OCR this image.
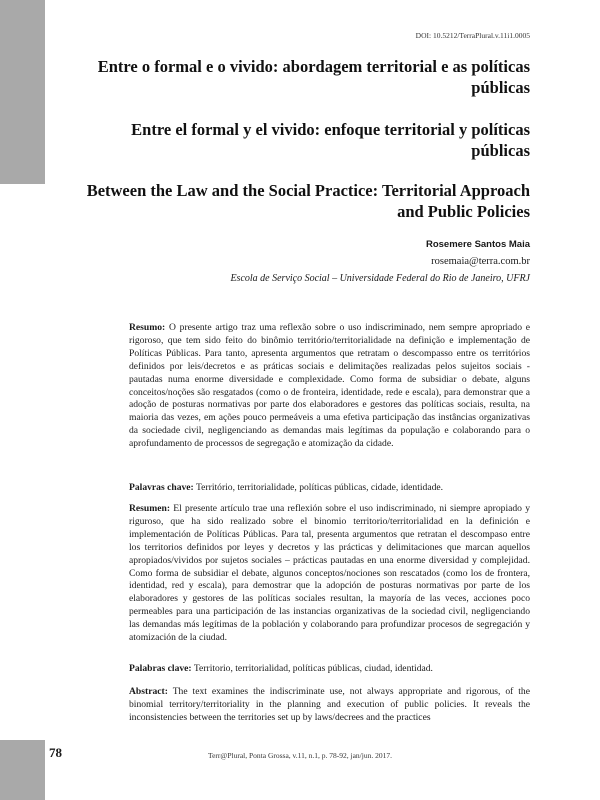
DOI: 10.5212/TerraPlural.v.11i1.0005
Entre o formal e o vivido: abordagem territorial e as políticas públicas
Entre el formal y el vivido: enfoque territorial y políticas públicas
Between the Law and the Social Practice: Territorial Approach and Public Policies
Rosemere Santos Maia
rosemaia@terra.com.br
Escola de Serviço Social – Universidade Federal do Rio de Janeiro, UFRJ

Resumo: O presente artigo traz uma reflexão sobre o uso indiscriminado, nem sempre apropriado e rigoroso, que tem sido feito do binômio território/territorialidade na definição e implementação de Políticas Públicas. Para tanto, apresenta argumentos que retratam o descompasso entre os territórios definidos por leis/decretos e as práticas sociais e delimitações realizadas pelos sujeitos sociais - pautadas numa enorme diversidade e complexidade. Como forma de subsidiar o debate, alguns conceitos/noções são resgatados (como o de fronteira, identidade, rede e escala), para demonstrar que a adoção de posturas normativas por parte dos elaboradores e gestores das políticas sociais, resulta, na maioria das vezes, em ações pouco permeáveis a uma efetiva participação das instâncias organizativas da sociedade civil, negligenciando as demandas mais legítimas da população e colaborando para o aprofundamento de processos de segregação e atomização da cidade.

Palavras chave: Território, territorialidade, políticas públicas, cidade, identidade.

Resumen: El presente artículo trae una reflexión sobre el uso indiscriminado, ni siempre apropiado y riguroso, que ha sido realizado sobre el binomio territorio/territorialidad en la definición e implementación de Políticas Públicas. Para tal, presenta argumentos que retratan el descompaso entre los territorios definidos por leyes y decretos y las prácticas y delimitaciones que marcan aquellos apropiados/vividos por sujetos sociales – prácticas pautadas en una enorme diversidad y complejidad. Como forma de subsidiar el debate, algunos conceptos/nociones son rescatados (como los de frontera, identidad, red y escala), para demostrar que la adopción de posturas normativas por parte de los elaboradores y gestores de las políticas sociales resultan, la mayoría de las veces, acciones poco permeables para una participación de las instancias organizativas de la sociedad civil, negligenciando las demandas más legítimas de la población y colaborando para profundizar procesos de segregación y atomización de la ciudad.

Palabras clave: Territorio, territorialidad, políticas públicas, ciudad, identidad.

Abstract: The text examines the indiscriminate use, not always appropriate and rigorous, of the binomial territory/territoriality in the planning and execution of public policies. It reveals the inconsistencies between the territories set up by laws/decrees and the practices

78	Terr@Plural, Ponta Grossa, v.11, n.1, p. 78-92, jan/jun. 2017.
